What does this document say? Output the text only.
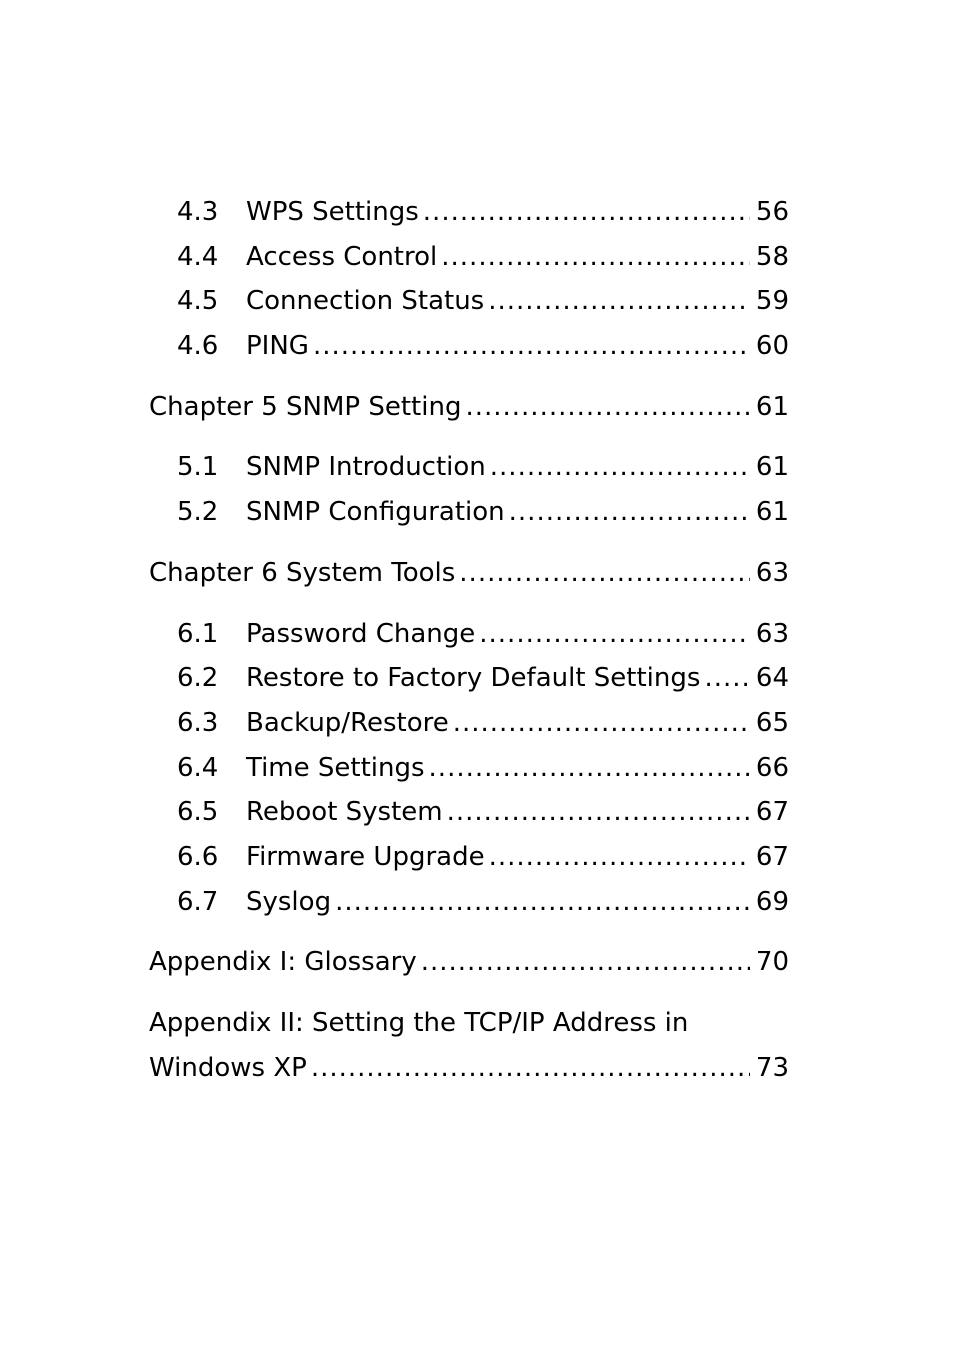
4.3	WPS Settings .....	56
4.4	Access Control .....	58
4.5	Connection Status .....	59
4.6	PING .....	60
Chapter 5 SNMP Setting .....	61
5.1	SNMP Introduction .....	61
5.2	SNMP Configuration .....	61
Chapter 6 System Tools .....	63
6.1	Password Change .....	63
6.2	Restore to Factory Default Settings ..... 64
6.3	Backup/Restore .....	65
6.4	Time Settings .....	66
6.5	Reboot System .....	67
6.6	Firmware Upgrade .....	67
6.7	Syslog .....	69
Appendix I: Glossary .....	70
Appendix II: Setting the TCP/IP Address in
Windows XP .....	73
